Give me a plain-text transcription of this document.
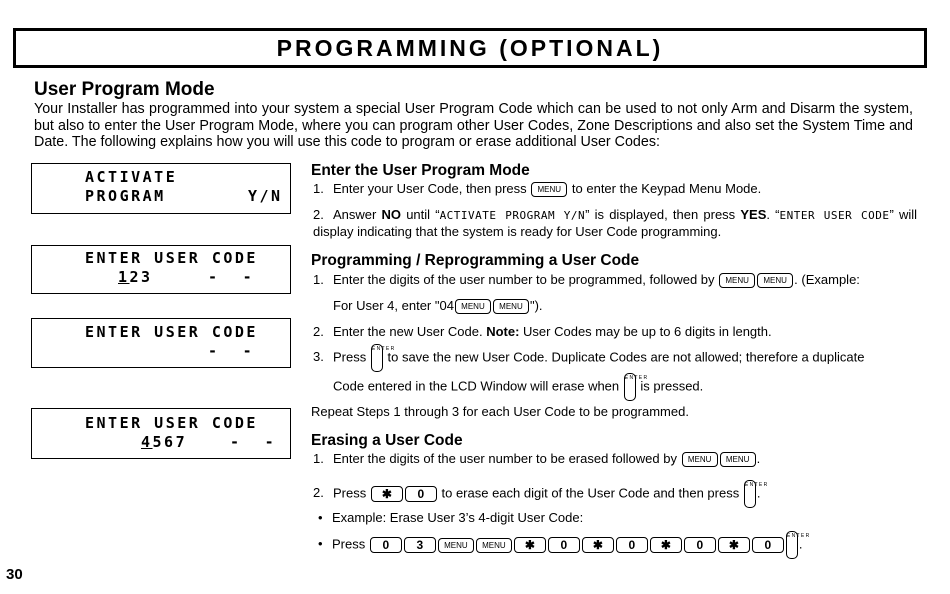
PROGRAMMING (OPTIONAL)
User Program Mode
Your Installer has programmed into your system a special User Program Code which can be used to not only Arm and Disarm the system, but also to enter the User Program Mode, where you can program other User Codes, Zone Descriptions and also set the System Time and Date. The following explains how you will use this code to program or erase additional User Codes:
ACTIVATE
PROGRAM	Y/N
ENTER USER CODE
123	-  -
ENTER USER CODE
-  -
ENTER USER CODE
4567	-  -
Enter the User Program Mode
1. Enter your User Code, then press MENU to enter the Keypad Menu Mode.
2. Answer NO until “ACTIVATE PROGRAM Y/N” is displayed, then press YES. “ENTER USER CODE” will display indicating that the system is ready for User Code programming.
Programming / Reprogramming a User Code
1. Enter the digits of the user number to be programmed, followed by MENU MENU . (Example:
For User 4, enter "04 MENU MENU ").
2. Enter the new User Code. Note: User Codes may be up to 6 digits in length.
3. Press E N T E R to save the new User Code. Duplicate Codes are not allowed; therefore a duplicate
Code entered in the LCD Window will erase when E N T E R is pressed.
Repeat Steps 1 through 3 for each User Code to be programmed.
Erasing a User Code
1. Enter the digits of the user number to be erased followed by MENU MENU .
2. Press ✱ 0 to erase each digit of the User Code and then press E N T E R.
• Example: Erase User 3’s 4-digit User Code:
• Press 0 3	MENU MENU ✱ 0 ✱ 0 ✱ 0 ✱ 0E N T E R.
30
